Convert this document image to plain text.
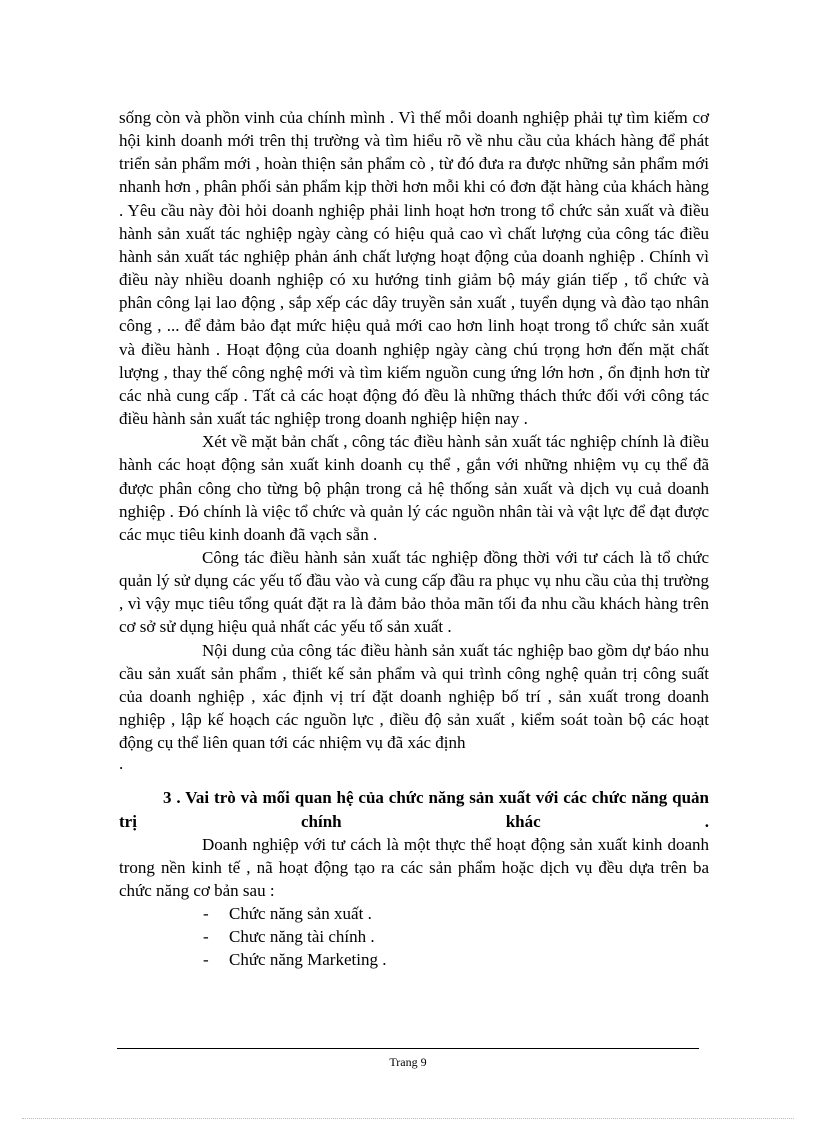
sống còn và phồn vinh của chính mình . Vì thế mỗi doanh nghiệp phải tự tìm kiếm cơ hội kinh doanh mới trên thị trường và tìm hiểu rõ về nhu cầu của khách hàng để phát triển sản phẩm mới , hoàn thiện sản phẩm cò , từ đó đưa ra được những sản phẩm mới nhanh hơn , phân phối sản phẩm kịp thời hơn mỗi khi có đơn đặt hàng của khách hàng . Yêu cầu này đòi hỏi doanh nghiệp phải linh hoạt hơn trong tổ chức sản xuất và điều hành sản xuất tác nghiệp ngày càng có hiệu quả cao vì chất lượng của công tác điều hành sản xuất tác nghiệp phản ánh chất lượng hoạt động của doanh nghiệp . Chính vì điều này nhiều doanh nghiệp có xu hướng tinh giảm bộ máy gián tiếp , tổ chức và phân công lại lao động , sắp xếp các dây truyền sản xuất , tuyển dụng và đào tạo nhân công , ... để đảm bảo đạt mức hiệu quả mới cao hơn linh hoạt trong tổ chức sản xuất và điều hành . Hoạt động của doanh nghiệp ngày càng chú trọng hơn đến mặt chất lượng , thay thế công nghệ mới và tìm kiếm nguồn cung ứng lớn hơn , ổn định hơn từ các nhà cung cấp . Tất cả các hoạt động đó đều là những thách thức đối với công tác điều hành sản xuất tác nghiệp trong doanh nghiệp hiện nay .

Xét về mặt bản chất , công tác điều hành sản xuất tác nghiệp chính là điều hành các hoạt động sản xuất kinh doanh cụ thể , gắn với những nhiệm vụ cụ thể đã được phân công cho từng bộ phận trong cả hệ thống sản xuất và dịch vụ cuả doanh nghiệp . Đó chính là việc tổ chức và quản lý các nguồn nhân tài và vật lực để đạt được các mục tiêu kinh doanh đã vạch sẵn .

Công tác điều hành sản xuất tác nghiệp đồng thời với tư cách là tổ chức quản lý sử dụng các yếu tố đầu vào và cung cấp đầu ra phục vụ nhu cầu của thị trường , vì vậy mục tiêu tổng quát đặt ra là đảm bảo thỏa mãn tối đa nhu cầu khách hàng trên cơ sở sử dụng hiệu quả nhất các yếu tố sản xuất .

Nội dung của công tác điều hành sản xuất tác nghiệp bao gồm dự báo nhu cầu sản xuất sản phẩm , thiết kế sản phẩm và qui trình công nghệ quản trị công suất của doanh nghiệp , xác định vị trí đặt doanh nghiệp bố trí , sản xuất trong doanh nghiệp , lập kế hoạch các nguồn lực , điều độ sản xuất , kiểm soát toàn bộ các hoạt động cụ thể liên quan tới các nhiệm vụ đã xác định

.

3 . Vai trò và mối quan hệ của chức năng sản xuất với các chức năng quản trị chính khác .

Doanh nghiệp với tư cách là một thực thể hoạt động sản xuất kinh doanh trong nền kinh tế , nã hoạt động tạo ra các sản phẩm hoặc dịch vụ đều dựa trên ba chức năng cơ bản sau :

- Chức năng sản xuất .
- Chưc năng tài chính .
- Chức năng Marketing .
Trang 9
